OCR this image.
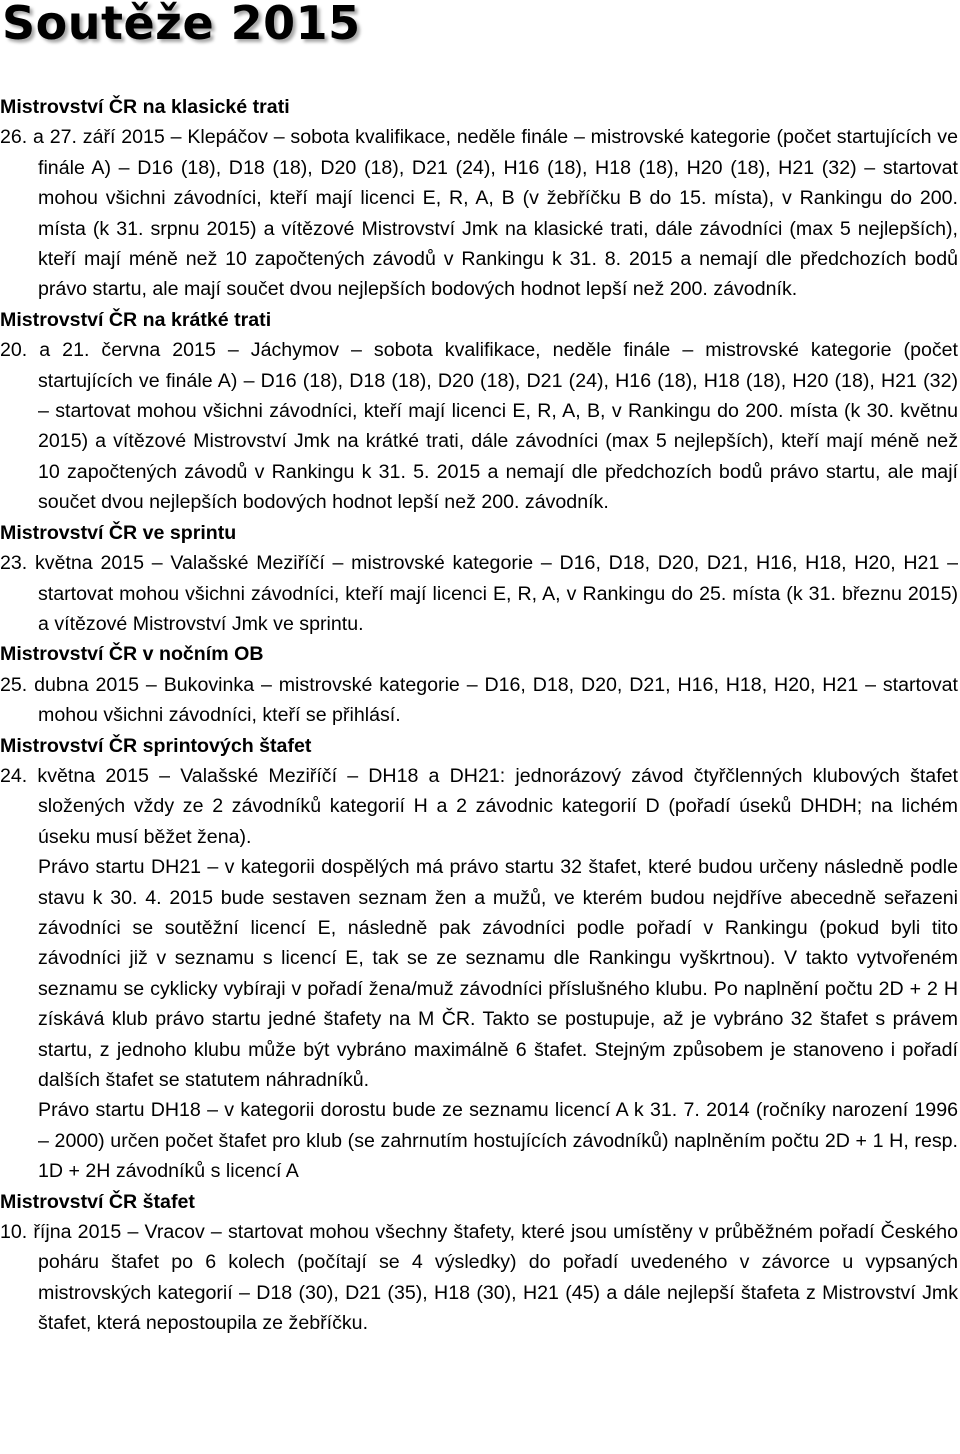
Soutěže 2015
Mistrovství ČR na klasické trati

26. a 27. září 2015 – Klepáčov – sobota kvalifikace, neděle finále – mistrovské kategorie (počet startujících ve finále A) – D16 (18), D18 (18), D20 (18), D21 (24), H16 (18), H18 (18), H20 (18), H21 (32) – startovat mohou všichni závodníci, kteří mají licenci E, R, A, B (v žebříčku B do 15. místa), v Rankingu do 200. místa (k 31. srpnu 2015) a vítězové Mistrovství Jmk na klasické trati, dále závodníci (max 5 nejlepších), kteří mají méně než 10 započtených závodů v Rankingu k 31. 8. 2015 a nemají dle předchozích bodů právo startu, ale mají součet dvou nejlepších bodových hodnot lepší než 200. závodník.

Mistrovství ČR na krátké trati

20. a 21. června 2015 – Jáchymov – sobota kvalifikace, neděle finále – mistrovské kategorie (počet startujících ve finále A) – D16 (18), D18 (18), D20 (18), D21 (24), H16 (18), H18 (18), H20 (18), H21 (32) – startovat mohou všichni závodníci, kteří mají licenci E, R, A, B, v Rankingu do 200. místa (k 30. květnu 2015) a vítězové Mistrovství Jmk na krátké trati, dále závodníci (max 5 nejlepších), kteří mají méně než 10 započtených závodů v Rankingu k 31. 5. 2015 a nemají dle předchozích bodů právo startu, ale mají součet dvou nejlepších bodových hodnot lepší než 200. závodník.

Mistrovství ČR ve sprintu

23. května 2015 – Valašské Meziříčí – mistrovské kategorie – D16, D18, D20, D21, H16, H18, H20, H21 – startovat mohou všichni závodníci, kteří mají licenci E, R, A, v Rankingu do 25. místa (k 31. březnu 2015) a vítězové Mistrovství Jmk ve sprintu.

Mistrovství ČR v nočním OB

25. dubna 2015 – Bukovinka – mistrovské kategorie – D16, D18, D20, D21, H16, H18, H20, H21 – startovat mohou všichni závodníci, kteří se přihlásí.

Mistrovství ČR sprintových štafet

24. května 2015 – Valašské Meziříčí – DH18 a DH21: jednorázový závod čtyřčlenných klubových štafet složených vždy ze 2 závodníků kategorií H a 2 závodnic kategorií D (pořadí úseků DHDH; na lichém úseku musí běžet žena).

Právo startu DH21 – v kategorii dospělých má právo startu 32 štafet, které budou určeny následně podle stavu k 30. 4. 2015 bude sestaven seznam žen a mužů, ve kterém budou nejdříve abecedně seřazeni závodníci se soutěžní licencí E, následně pak závodníci podle pořadí v Rankingu (pokud byli tito závodníci již v seznamu s licencí E, tak se ze seznamu dle Rankingu vyškrtnou). V takto vytvořeném seznamu se cyklicky vybíraji v pořadí žena/muž závodníci příslušného klubu. Po naplnění počtu 2D + 2 H získává klub právo startu jedné štafety na M ČR. Takto se postupuje, až je vybráno 32 štafet s právem startu, z jednoho klubu může být vybráno maximálně 6 štafet. Stejným způsobem je stanoveno i pořadí dalších štafet se statutem náhradníků.

Právo startu DH18 – v kategorii dorostu bude ze seznamu licencí A k 31. 7. 2014 (ročníky narození 1996 – 2000) určen počet štafet pro klub (se zahrnutím hostujících závodníků) naplněním počtu 2D + 1 H, resp. 1D + 2H závodníků s licencí A

Mistrovství ČR štafet

10. října 2015 – Vracov – startovat mohou všechny štafety, které jsou umístěny v průběžném pořadí Českého poháru štafet po 6 kolech (počítají se 4 výsledky) do pořadí uvedeného v závorce u vypsaných mistrovských kategorií – D18 (30), D21 (35), H18 (30), H21 (45) a dále nejlepší štafeta z Mistrovství Jmk štafet, která nepostoupila ze žebříčku.
